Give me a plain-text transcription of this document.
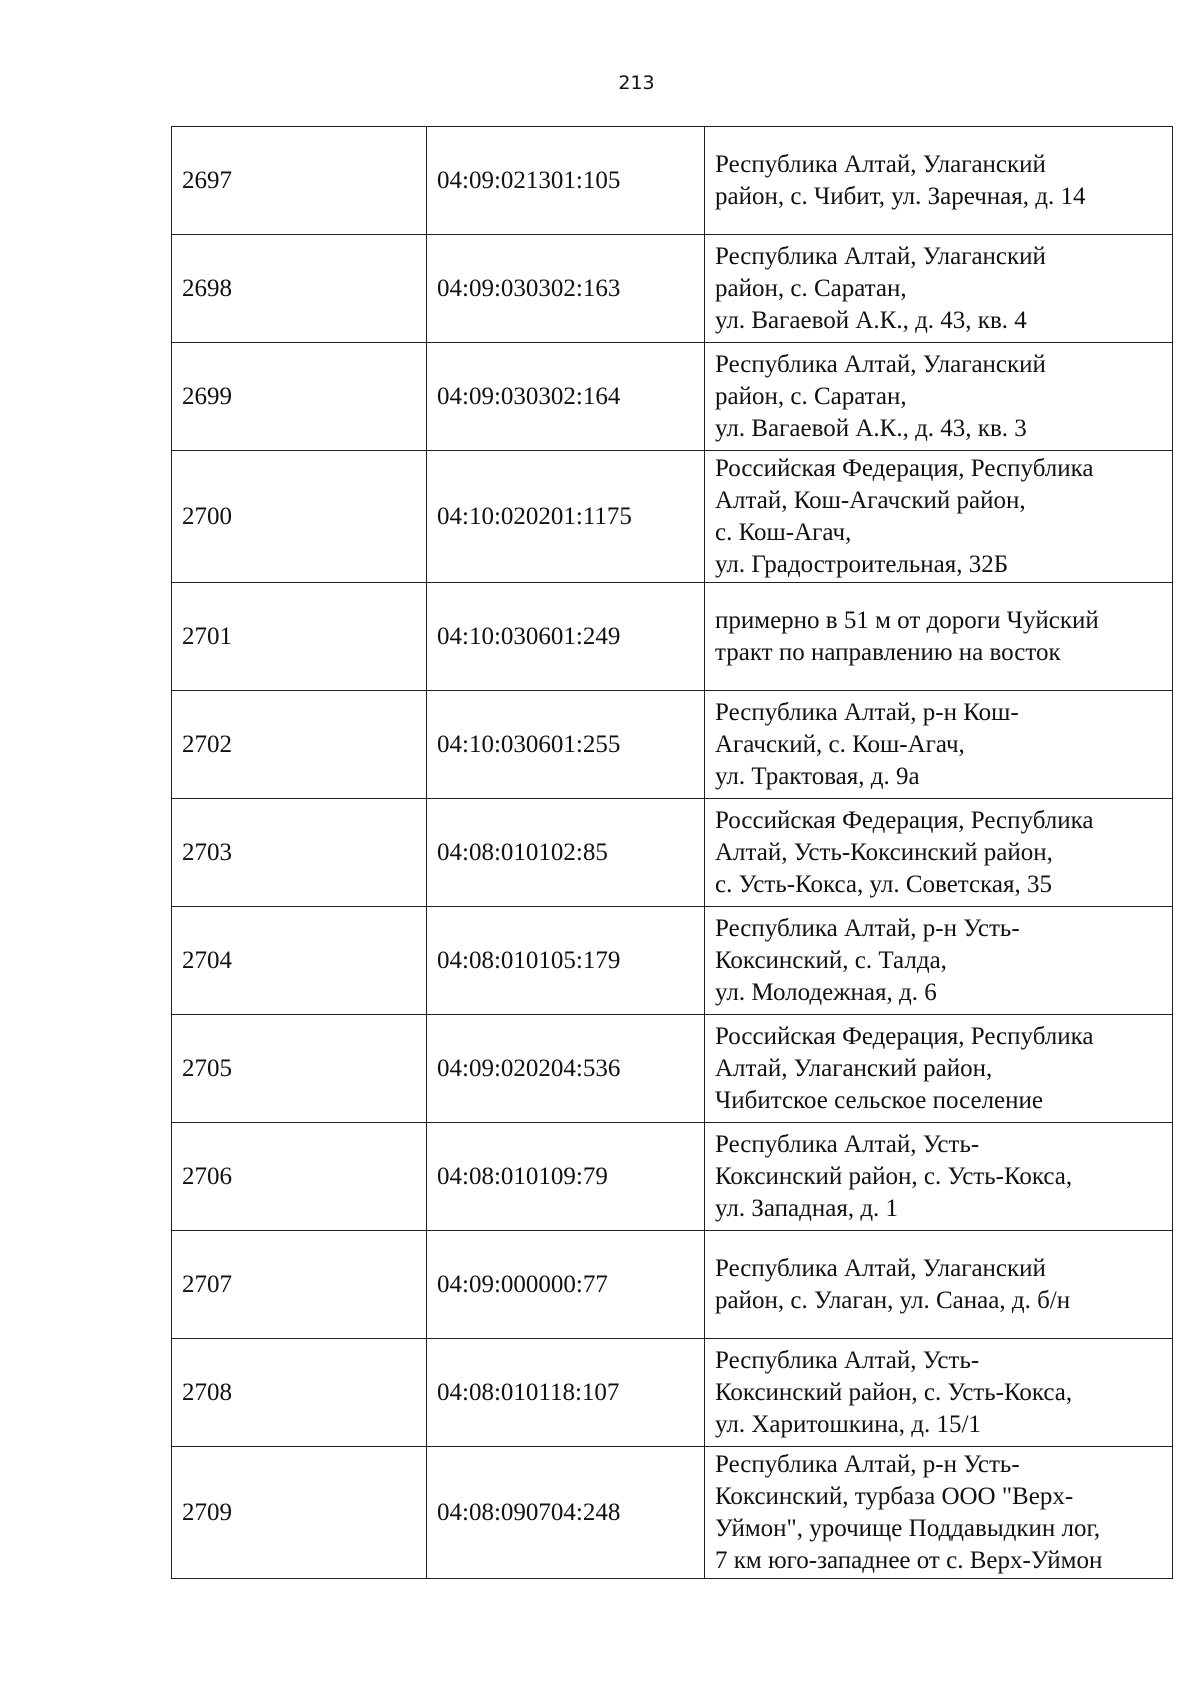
213
2697	04:09:021301:105	Республика Алтай, Улаганский
район, с. Чибит, ул. Заречная, д. 14

2698	04:09:030302:163	Республика Алтай, Улаганский
район, с. Саратан,
ул. Вагаевой А.К., д. 43, кв. 4

2699	04:09:030302:164	Республика Алтай, Улаганский
район, с. Саратан,
ул. Вагаевой А.К., д. 43, кв. 3

2700	04:10:020201:1175	Российская Федерация, Республика
Алтай, Кош-Агачский район,
с. Кош-Агач,
ул. Градостроительная, 32Б

2701	04:10:030601:249	примерно в 51 м от дороги Чуйский
тракт по направлению на восток

2702	04:10:030601:255	Республика Алтай, р-н Кош-
Агачский, с. Кош-Агач,
ул. Трактовая, д. 9а

2703	04:08:010102:85	Российская Федерация, Республика
Алтай, Усть-Коксинский район,
с. Усть-Кокса, ул. Советская, 35

2704	04:08:010105:179	Республика Алтай, р-н Усть-
Коксинский, с. Талда,
ул. Молодежная, д. 6

2705	04:09:020204:536	Российская Федерация, Республика
Алтай, Улаганский район,
Чибитское сельское поселение

2706	04:08:010109:79	Республика Алтай, Усть-
Коксинский район, с. Усть-Кокса,
ул. Западная, д. 1

2707	04:09:000000:77	Республика Алтай, Улаганский
район, с. Улаган, ул. Санаа, д. б/н

2708	04:08:010118:107	Республика Алтай, Усть-
Коксинский район, с. Усть-Кокса,
ул. Харитошкина, д. 15/1

2709	04:08:090704:248	Республика Алтай, р-н Усть-
Коксинский, турбаза ООО "Верх-
Уймон", урочище Поддавыдкин лог,
7 км юго-западнее от с. Верх-Уймон
